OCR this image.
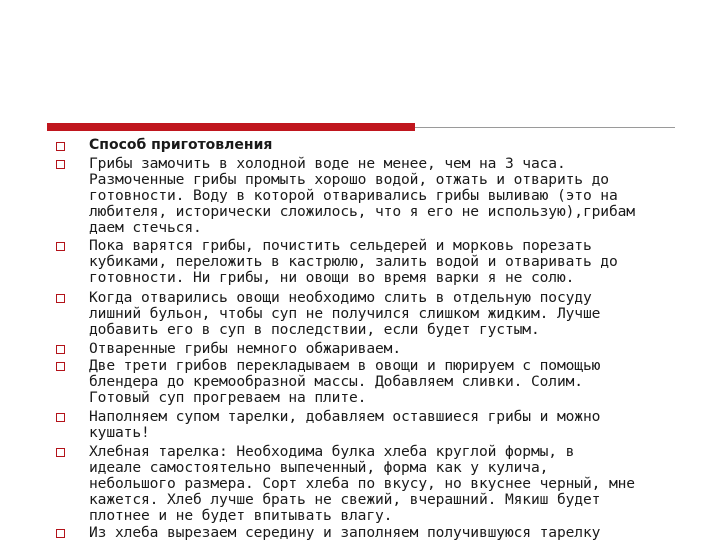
Способ приготовления
Грибы замочить в холодной воде не менее, чем на 3 часа.
Размоченные грибы промыть хорошо водой, отжать и отварить до
готовности. Воду в которой отваривались грибы выливаю (это на
любителя, исторически сложилось, что я его не использую),грибам
даем стечься.
Пока варятся грибы, почистить сельдерей и морковь порезать
кубиками, переложить в кастрюлю, залить водой и отваривать до
готовности. Ни грибы, ни овощи во время варки я не солю.
Когда отварились овощи необходимо слить в отдельную посуду
лишний бульон, чтобы суп не получился слишком жидким. Лучше
добавить его в суп в последствии, если будет густым.
Отваренные грибы немного обжариваем.
Две трети грибов перекладываем в овощи и пюрируем с помощью
блендера до кремообразной массы. Добавляем сливки. Солим.
Готовый суп прогреваем на плите.
Наполняем супом тарелки, добавляем оставшиеся грибы и можно
кушать!
Хлебная тарелка: Необходима булка хлеба круглой формы, в
идеале самостоятельно выпеченный, форма как у кулича,
небольшого размера. Сорт хлеба по вкусу, но вкуснее черный, мне
кажется. Хлеб лучше брать не свежий, вчерашний. Мякиш будет
плотнее и не будет впитывать влагу.
Из хлеба вырезаем середину и заполняем получившуюся тарелку
